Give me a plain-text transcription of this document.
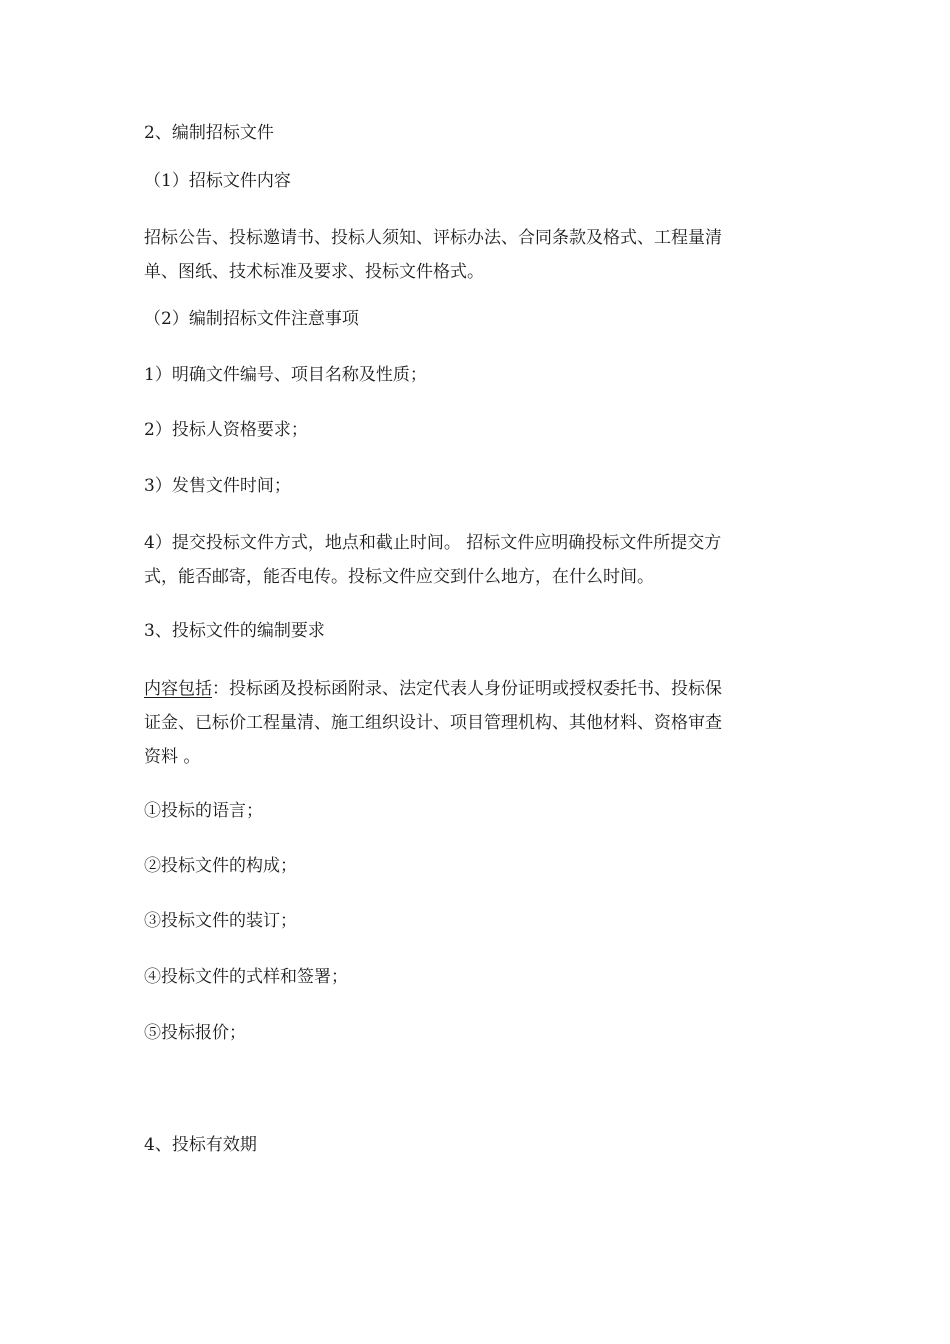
2、编制招标文件
（1）招标文件内容
招标公告、投标邀请书、投标人须知、评标办法、合同条款及格式、工程量清
单、图纸、技术标准及要求、投标文件格式。
（2）编制招标文件注意事项
1）明确文件编号、项目名称及性质；
2）投标人资格要求；
3）发售文件时间；
4）提交投标文件方式，地点和截止时间。 招标文件应明确投标文件所提交方
式，能否邮寄，能否电传。投标文件应交到什么地方，在什么时间。
3、投标文件的编制要求
内容包括：投标函及投标函附录、法定代表人身份证明或授权委托书、投标保
证金、已标价工程量清、施工组织设计、项目管理机构、其他材料、资格审查
资料 。
①投标的语言；
②投标文件的构成；
③投标文件的装订；
④投标文件的式样和签署；
⑤投标报价；
4、投标有效期
